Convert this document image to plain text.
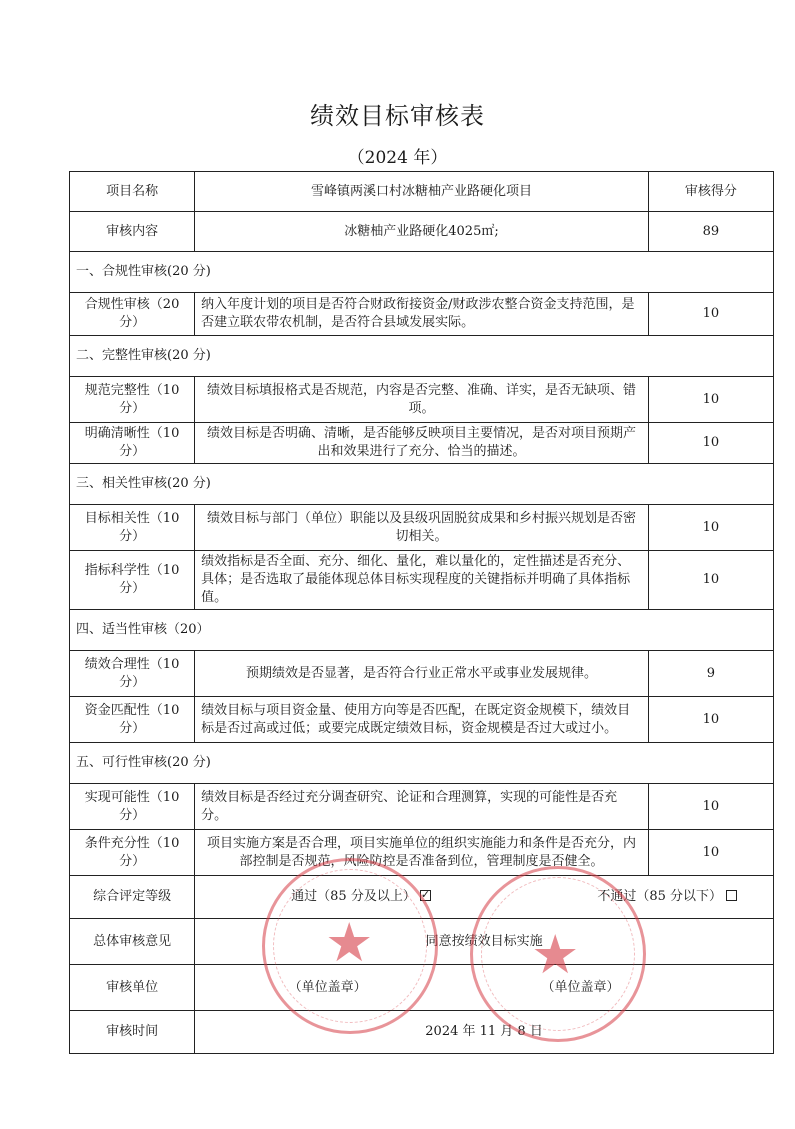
绩效目标审核表
（2024 年）
项目名称	雪峰镇两溪口村冰糖柚产业路硬化项目	审核得分
审核内容	冰糖柚产业路硬化4025㎡;	89
一、合规性审核(20 分)		
合规性审核（20 分）	纳入年度计划的项目是否符合财政衔接资金/财政涉农整合资金支持范围，是否建立联农带农机制，是否符合县域发展实际。	10
二、完整性审核(20 分)		
规范完整性（10 分）	绩效目标填报格式是否规范，内容是否完整、准确、详实，是否无缺项、错项。	10
明确清晰性（10 分）	绩效目标是否明确、清晰，是否能够反映项目主要情况，是否对项目预期产出和效果进行了充分、恰当的描述。	10
三、相关性审核(20 分)		
目标相关性（10 分）	绩效目标与部门（单位）职能以及县级巩固脱贫成果和乡村振兴规划是否密切相关。	10
指标科学性（10 分）	绩效指标是否全面、充分、细化、量化，难以量化的，定性描述是否充分、具体；是否选取了最能体现总体目标实现程度的关键指标并明确了具体指标值。	10
四、适当性审核（20）		
绩效合理性（10 分）	预期绩效是否显著，是否符合行业正常水平或事业发展规律。	9
资金匹配性（10 分）	绩效目标与项目资金量、使用方向等是否匹配，在既定资金规模下，绩效目标是否过高或过低；或要完成既定绩效目标，资金规模是否过大或过小。	10
五、可行性审核(20 分)		
实现可能性（10 分）	绩效目标是否经过充分调查研究、论证和合理测算，实现的可能性是否充分。	10
条件充分性（10 分）	项目实施方案是否合理，项目实施单位的组织实施能力和条件是否充分，内部控制是否规范，风险防控是否准备到位，管理制度是否健全。	10
综合评定等级	通过（85 分及以上） ✓ 不通过（85 分以下）

总体审核意见	同意按绩效目标实施	
审核单位	（单位盖章） （单位盖章）	

审核时间	2024 年 11 月 8 日	
★	★
